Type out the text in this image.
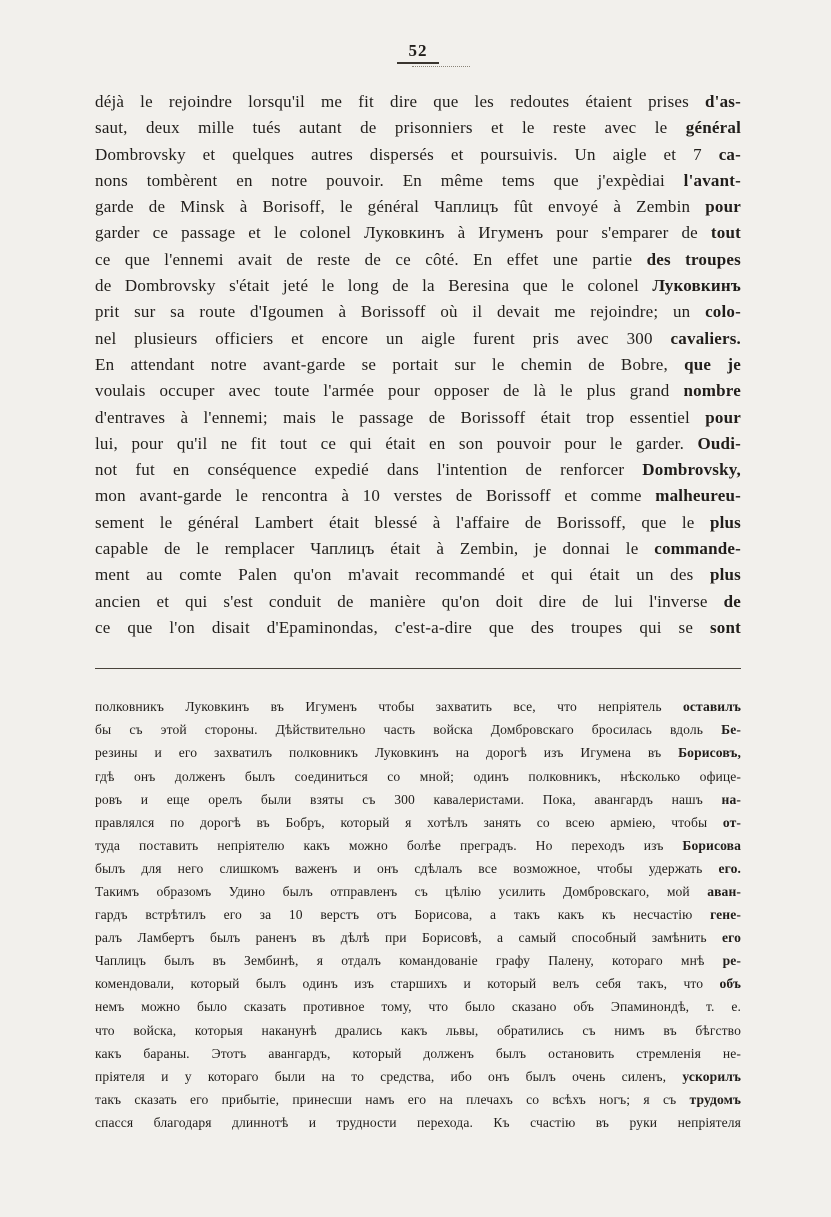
52
déjà le rejoindre lorsqu'il me fit dire que les redoutes étaient prises d'as-
saut, deux mille tués autant de prisonniers et le reste avec le général
Dombrovsky et quelques autres dispersés et poursuivis. Un aigle et 7 ca-
nons tombèrent en notre pouvoir. En même tems que j'expèdiai l'avant-
garde de Minsk à Borisoff, le général Чаплицъ fût envoyé à Zembin pour
garder ce passage et le colonel Луковкинъ à Игуменъ pour s'emparer de tout
ce que l'ennemi avait de reste de ce côté. En effet une partie des troupes
de Dombrovsky s'était jeté le long de la Beresina que le colonel Луковкинъ
prit sur sa route d'Igoumen à Borissoff où il devait me rejoindre; un colo-
nel plusieurs officiers et encore un aigle furent pris avec 300 cavaliers.
En attendant notre avant-garde se portait sur le chemin de Bobre, que je
voulais occuper avec toute l'armée pour opposer de là le plus grand nombre
d'entraves à l'ennemi; mais le passage de Borissoff était trop essentiel pour
lui, pour qu'il ne fit tout ce qui était en son pouvoir pour le garder. Oudi-
not fut en conséquence expedié dans l'intention de renforcer Dombrovsky,
mon avant-garde le rencontra à 10 verstes de Borissoff et comme malheureu-
sement le général Lambert était blessé à l'affaire de Borissoff, que le plus
capable de le remplacer Чаплицъ était à Zembin, je donnai le commande-
ment au comte Palen qu'on m'avait recommandé et qui était un des plus
ancien et qui s'est conduit de manière qu'on doit dire de lui l'inverse de
ce que l'on disait d'Epaminondas, c'est-a-dire que des troupes qui se sont
полковникъ Луковкинъ въ Игуменъ чтобы захватить все, что непріятель оставилъ
бы съ этой стороны. Дѣйствительно часть войска Домбровскаго бросилась вдоль Бе-
резины и его захватилъ полковникъ Луковкинъ на дорогѣ изъ Игумена въ Борисовъ,
гдѣ онъ долженъ былъ соединиться со мной; одинъ полковникъ, нѣсколько офице-
ровъ и еще орелъ были взяты съ 300 кавалеристами. Пока, авангардъ нашъ на-
правлялся по дорогѣ въ Бобръ, который я хотѣлъ занять со всею арміею, чтобы от-
туда поставить непріятелю какъ можно болѣе преградъ. Но переходъ изъ Борисова
былъ для него слишкомъ важенъ и онъ сдѣлалъ все возможное, чтобы удержать его.
Такимъ образомъ Удино былъ отправленъ съ цѣлію усилить Домбровскаго, мой аван-
гардъ встрѣтилъ его за 10 верстъ отъ Борисова, а такъ какъ къ несчастію гене-
ралъ Ламбертъ былъ раненъ въ дѣлѣ при Борисовѣ, а самый способный замѣнить его
Чаплицъ былъ въ Зембинѣ, я отдалъ командованіе графу Палену, котораго мнѣ ре-
комендовали, который былъ одинъ изъ старшихъ и который велъ себя такъ, что объ
немъ можно было сказать противное тому, что было сказано объ Эпаминондѣ, т. е.
что войска, которыя наканунѣ дрались какъ львы, обратились съ нимъ въ бѣгство
какъ бараны. Этотъ авангардъ, который долженъ былъ остановить стремленія не-
пріятеля и у котораго были на то средства, ибо онъ былъ очень силенъ, ускорилъ
такъ сказать его прибытіе, принесши намъ его на плечахъ со всѣхъ ногъ; я съ трудомъ
спасся благодаря длиннотѣ и трудности перехода. Къ счастію въ руки непріятеля
